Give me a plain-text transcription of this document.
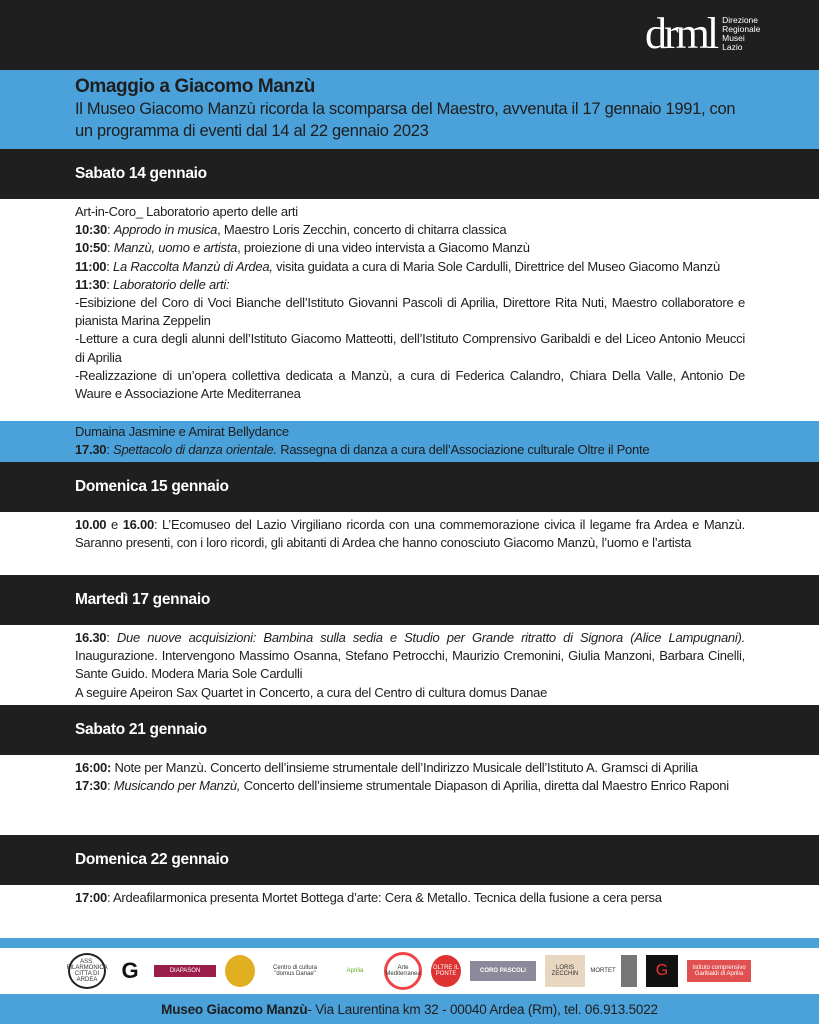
drml Direzione
Regionale
Musei
Lazio
Omaggio a Giacomo Manzù

Il Museo Giacomo Manzù ricorda la scomparsa del Maestro, avvenuta il 17 gennaio 1991, con un programma di eventi dal 14 al 22 gennaio 2023

Sabato 14 gennaio
Art-in-Coro_ Laboratorio aperto delle arti
10:30: Approdo in musica, Maestro Loris Zecchin, concerto di chitarra classica
10:50: Manzù, uomo e artista, proiezione di una video intervista a Giacomo Manzù
11:00: La Raccolta Manzù di Ardea, visita guidata a cura di Maria Sole Cardulli, Direttrice del Museo Giacomo Manzù
11:30: Laboratorio delle arti:
-Esibizione del Coro di Voci Bianche dell’Istituto Giovanni Pascoli di Aprilia, Direttore Rita Nuti, Maestro collaboratore e pianista Marina Zeppelin
-Letture a cura degli alunni dell’Istituto Giacomo Matteotti, dell’Istituto Comprensivo Garibaldi e del Liceo Antonio Meucci di Aprilia
-Realizzazione di un’opera collettiva dedicata a Manzù, a cura di Federica Calandro, Chiara Della Valle, Antonio De Waure e Associazione Arte Mediterranea
Dumaina Jasmine e Amirat Bellydance
17.30: Spettacolo di danza orientale. Rassegna di danza a cura dell’Associazione culturale Oltre il Ponte
Domenica 15 gennaio
10.00 e 16.00: L’Ecomuseo del Lazio Virgiliano ricorda con una commemorazione civica il legame fra Ardea e Manzù. Saranno presenti, con i loro ricordi, gli abitanti di Ardea che hanno conosciuto Giacomo Manzù, l’uomo e l’artista
Martedì 17 gennaio
16.30: Due nuove acquisizioni: Bambina sulla sedia e Studio per Grande ritratto di Signora (Alice Lampugnani). Inaugurazione. Intervengono Massimo Osanna, Stefano Petrocchi, Maurizio Cremonini, Giulia Manzoni, Barbara Cinelli, Sante Guido. Modera Maria Sole Cardulli
A seguire Apeiron Sax Quartet in Concerto, a cura del Centro di cultura domus Danae
Sabato 21 gennaio
16:00: Note per Manzù. Concerto dell’insieme strumentale dell’Indirizzo Musicale dell’Istituto A. Gramsci di Aprilia
17:30: Musicando per Manzù, Concerto dell’insieme strumentale Diapason di Aprilia, diretta dal Maestro Enrico Raponi
Domenica 22 gennaio
17:00: Ardeafilarmonica presenta Mortet Bottega d’arte: Cera & Metallo. Tecnica della fusione a cera persa
ASS. FILARMONICA CITTA DI ARDEA	G	DIAPASON	Centro di cultura "domus Danae"	Aprilia	Arte Mediterranea
OLTRE IL PONTE	CORO PASCOLI	LORIS ZECCHIN	MORTET	G	Istituto comprensivo Garibaldi di Aprilia
Museo Giacomo Manzù - Via Laurentina km 32 - 00040 Ardea (Rm), tel. 06.913.5022
